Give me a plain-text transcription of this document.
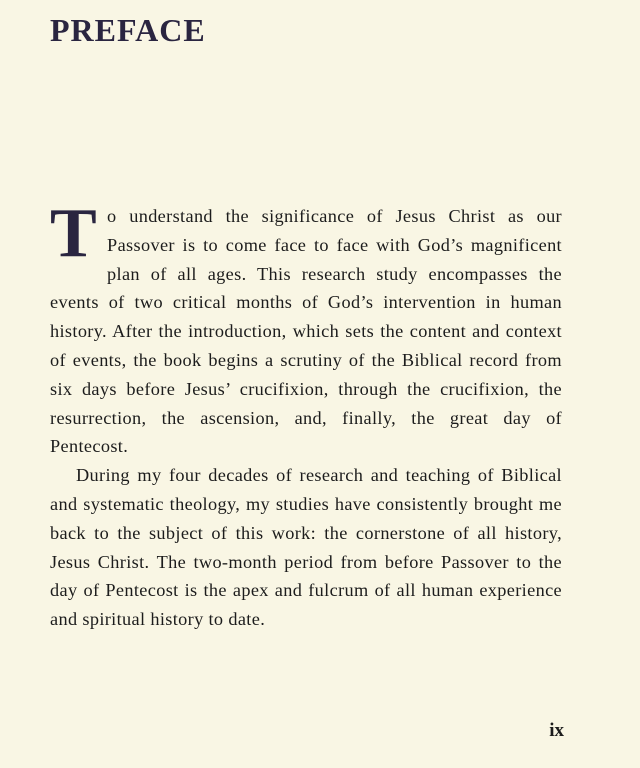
PREFACE

To understand the significance of Jesus Christ as our Passover is to come face to face with God’s magnificent plan of all ages. This research study encompasses the events of two critical months of God’s intervention in human history. After the introduction, which sets the content and context of events, the book begins a scrutiny of the Biblical record from six days before Jesus’ crucifixion, through the crucifixion, the resurrection, the ascension, and, finally, the great day of Pentecost.

During my four decades of research and teaching of Biblical and systematic theology, my studies have consistently brought me back to the subject of this work: the cornerstone of all history, Jesus Christ. The two-month period from before Passover to the day of Pentecost is the apex and fulcrum of all human experience and spiritual history to date.

ix
